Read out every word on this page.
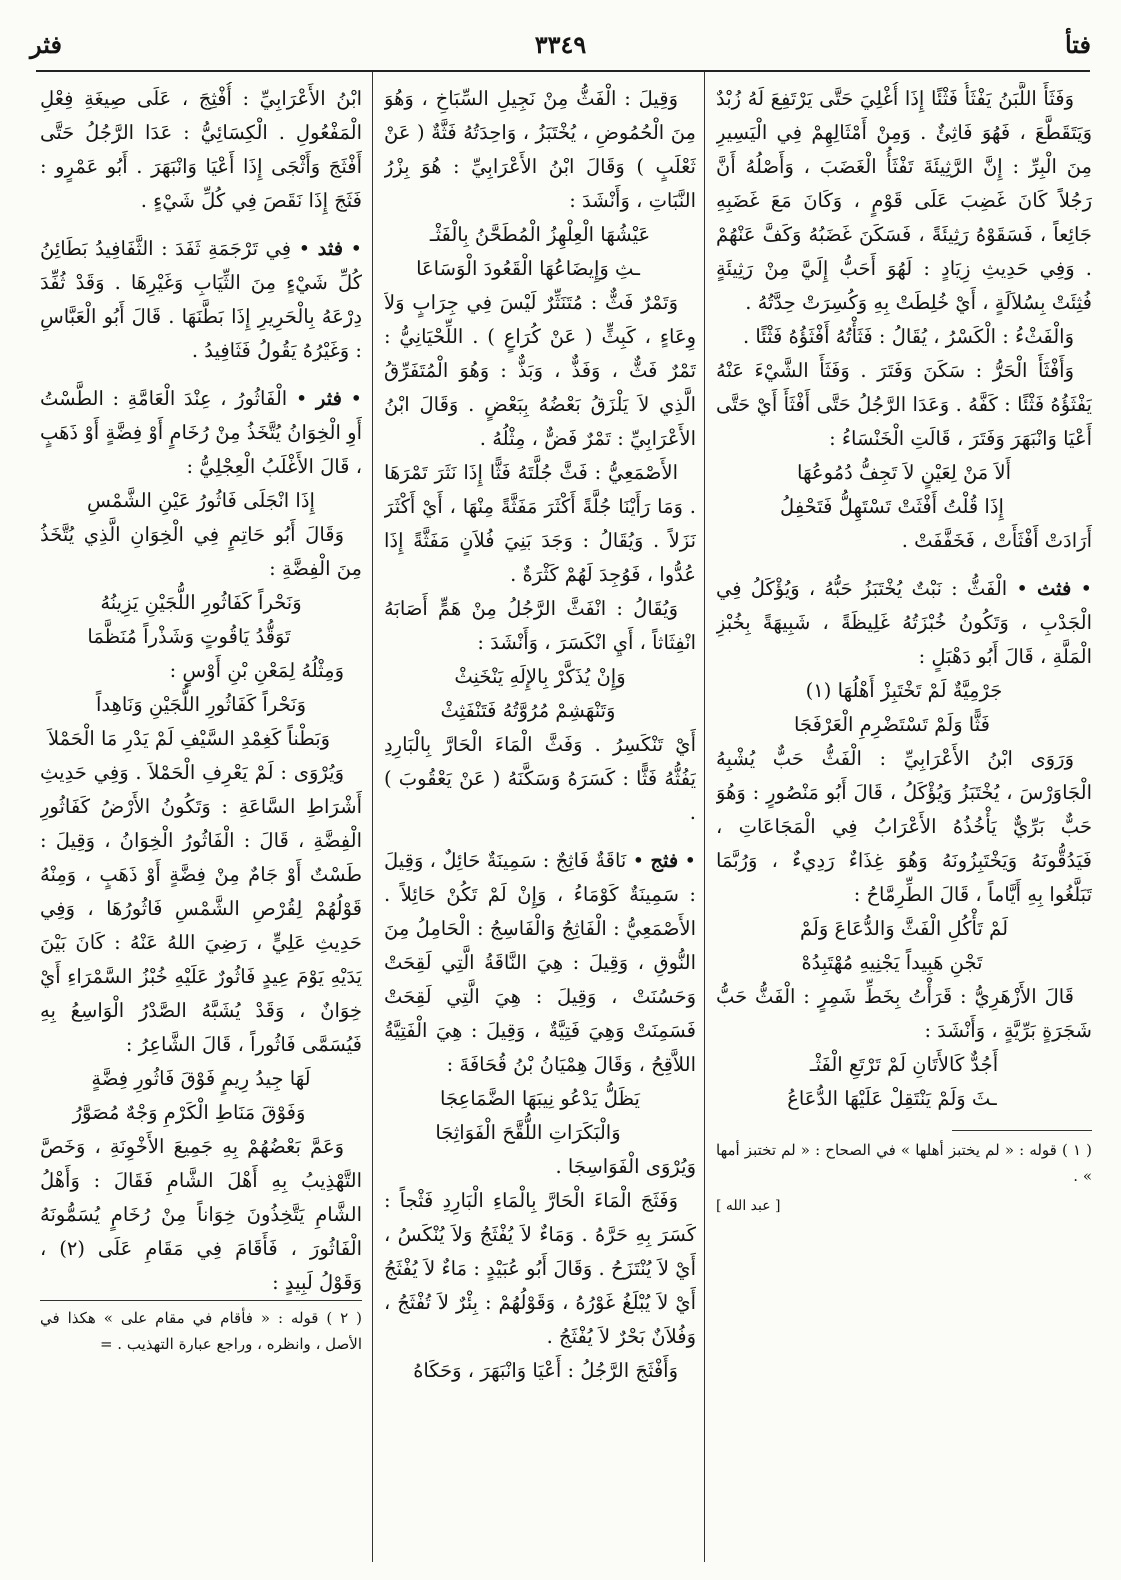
فتأ
٣٣٤٩
فثر

وَفَثَأَ اللَّبَنُ يَفْثَأُ فَثْئًا إِذَا أُغْلِيَ حَتَّى يَرْتَفِعَ لَهُ زُبْدٌ وَيَتَقَطَّعَ ، فَهُوَ فَاثِئٌ . وَمِنْ أَمْثَالِهِمْ فِي الْيَسِيرِ مِنَ الْبِرِّ : إِنَّ الرَّثِيئَةَ تَفْثَأُ الْغَضَبَ ، وَأَصْلُهُ أَنَّ رَجُلاً كَانَ غَضِبَ عَلَى قَوْمٍ ، وَكَانَ مَعَ غَضَبِهِ جَائِعاً ، فَسَقَوْهُ رَثِيئَةً ، فَسَكَنَ غَضَبُهُ وَكَفَّ عَنْهُمْ . وَفِي حَدِيثِ زِيَادٍ : لَهُوَ أَحَبُّ إِلَيَّ مِنْ رَثِيئَةٍ فُثِئَتْ بِسُلاَلَةٍ ، أَيْ خُلِطَتْ بِهِ وَكُسِرَتْ حِدَّتُهُ .

وَالْفَثْءُ : الْكَسْرُ ، يُقَالُ : فَثَأْتُهُ أَفْثَؤُهُ فَثْئًا .

وَأَفْثَأَ الْحَرُّ : سَكَنَ وَفَتَرَ . وَفَثَأَ الشَّيْءَ عَنْهُ يَفْثَؤُهُ فَثْئًا : كَفَّهُ . وَعَدَا الرَّجُلُ حَتَّى أَفْثَأَ أَيْ حَتَّى أَعْيَا وَانْبَهَرَ وَفَتَرَ ، قَالَتِ الْخَنْسَاءُ :

أَلاَ مَنْ لِعَيْنٍ لاَ تَجِفُّ دُمُوعُهَا

إِذَا قُلْتُ أَفْثَتْ تَسْتَهِلُّ فَتَحْفِلُ

أَرَادَتْ أَفْثَأَتْ ، فَخَفَّفَتْ .

• فثث • الْفَثُّ : نَبْتٌ يُخْتَبَزُ حَبُّهُ ، وَيُؤْكَلُ فِي الْجَدْبِ ، وَتَكُونُ خُبْزَتُهُ غَلِيظَةً ، شَبِيهَةً بِخُبْزِ الْمَلَّةِ ، قَالَ أَبُو دَهْبَلٍ :

جَرْمِيَّةٌ لَمْ تَخْتَبِزْ أَهْلُهَا (١)

فَثًّا وَلَمْ تَسْتَضْرِمِ الْعَرْفَجَا

وَرَوَى ابْنُ الأَعْرَابِيِّ : الْفَثُّ حَبٌّ يُشْبِهُ الْجَاوَرْسَ ، يُخْتَبَزُ وَيُؤْكَلُ ، قَالَ أَبُو مَنْصُورٍ : وَهُوَ حَبٌّ بَرِّيٌّ يَأْخُذُهُ الأَعْرَابُ فِي الْمَجَاعَاتِ ، فَيَدُقُّونَهُ وَيَخْتَبِزُونَهُ وَهُوَ غِذَاءٌ رَدِيءٌ ، وَرُبَّمَا تَبَلَّغُوا بِهِ أَيَّاماً ، قَالَ الطِّرِمَّاحُ :

لَمْ تَأْكُلِ الْفَثَّ وَالدُّعَاعَ وَلَمْ

تَجْنِ هَبِيداً يَجْنِيهِ مُهْتَبِدُهْ

قَالَ الأَزْهَرِيُّ : قَرَأْتُ بِخَطِّ شَمِرٍ : الْفَثُّ حَبُّ شَجَرَةٍ بَرِّيَّةٍ ، وَأَنْشَدَ :

أَجُدٌّ كَالأَتَانِ لَمْ تَرْتَعِ الْفَثْـ

ـثَ وَلَمْ يَنْتَقِلْ عَلَيْهَا الدُّعَاعُ

( ١ ) قوله : « لم يختبز أهلها » في الصحاح : « لم تختبز أمها » .

[ عبد الله ]

وَقِيلَ : الْفَثُّ مِنْ نَجِيلِ السِّبَاخِ ، وَهُوَ مِنَ الْحُمُوضِ ، يُخْتَبَزُ ، وَاحِدَتُهُ فَثَّةٌ ( عَنْ ثَعْلَبٍ ) وَقَالَ ابْنُ الأَعْرَابِيِّ : هُوَ بِزْرُ النَّبَاتِ ، وَأَنْشَدَ :

عَيْشُهَا الْعِلْهِزُ الْمُطَحَّنُ بِالْفَثْـ

ـثِ وَإِيضَاعُهَا الْقَعُودَ الْوَسَاعَا

وَتَمْرٌ فَثٌّ : مُتَنَثِّرٌ لَيْسَ فِي جِرَابٍ وَلاَ وِعَاءٍ ، كَبِثٍّ ( عَنْ كُرَاعٍ ) . اللِّحْيَانِيُّ : تَمْرٌ فَثٌّ ، وَفَذٌّ ، وَبَذٌّ : وَهُوَ الْمُتَفَرِّقُ الَّذِي لاَ يَلْزَقُ بَعْضُهُ بِبَعْضٍ . وَقَالَ ابْنُ الأَعْرَابِيِّ : تَمْرٌ فَضٌّ ، مِثْلُهُ .

الأَصْمَعِيُّ : فَثَّ جُلَّتَهُ فَثًّا إِذَا نَثَرَ تَمْرَهَا . وَمَا رَأَيْنَا جُلَّةً أَكْثَرَ مَفَثَّةً مِنْهَا ، أَيْ أَكْثَرَ نَزَلاً . وَيُقَالُ : وَجَدَ بَنِيَ فُلاَنٍ مَفَثَّةً إِذَا عُدُّوا ، فَوُجِدَ لَهُمْ كَثْرَةٌ .

وَيُقَالُ : انْفَثَّ الرَّجُلُ مِنْ هَمٍّ أَصَابَهُ انْفِثَاثاً ، أَيِ انْكَسَرَ ، وَأَنْشَدَ :

وَإِنْ يُذَكَّرْ بِالإِلَهِ يَنْخَنِثْ

وَتَنْهَشِمْ مُرُوَّتُهُ فَتَنْفَثِثْ

أَيْ تَنْكَسِرُ . وَفَثَّ الْمَاءَ الْحَارَّ بِالْبَارِدِ يَفُثُّهُ فَثًّا : كَسَرَهُ وَسَكَّنَهُ ( عَنْ يَعْقُوبَ ) .

• فثج • نَاقَةٌ فَاثِجٌ : سَمِينَةٌ حَائِلٌ ، وَقِيلَ : سَمِينَةٌ كَوْمَاءُ ، وَإِنْ لَمْ تَكُنْ حَائِلاً . الأَصْمَعِيُّ : الْفَاثِجُ وَالْفَاسِجُ : الْحَامِلُ مِنَ النُّوقِ ، وَقِيلَ : هِيَ النَّاقَةُ الَّتِي لَقِحَتْ وَحَسُنَتْ ، وَقِيلَ : هِيَ الَّتِي لَقِحَتْ فَسَمِنَتْ وَهِيَ فَتِيَّةٌ ، وَقِيلَ : هِيَ الْفَتِيَّةُ اللاَّقِحُ ، وَقَالَ هِمْيَانُ بْنُ قُحَافَةَ :

يَظَلُّ يَدْعُو نِيبَهَا الضَّمَاعِجَا

وَالْبَكَرَاتِ اللُّقَّحَ الْفَوَاثِجَا

وَيُرْوَى الْفَوَاسِجَا .

وَفَثَجَ الْمَاءَ الْحَارَّ بِالْمَاءِ الْبَارِدِ فَثْجاً : كَسَرَ بِهِ حَرَّهُ . وَمَاءٌ لاَ يُفْثَجُ وَلاَ يُنْكَسُ ، أَيْ لاَ يُنْتَزَحُ . وَقَالَ أَبُو عُبَيْدٍ : مَاءٌ لاَ يُفْثَجُ أَيْ لاَ يُبْلَغُ غَوْرُهُ ، وَقَوْلُهُمْ : بِئْرٌ لاَ تُفْثَجُ ، وَفُلاَنٌ بَحْرٌ لاَ يُفْثَجُ .

وَأَفْثَجَ الرَّجُلُ : أَعْيَا وَانْبَهَرَ ، وَحَكَاهُ

ابْنُ الأَعْرَابِيِّ : أُفْثِجَ ، عَلَى صِيغَةِ فِعْلِ الْمَفْعُولِ . الْكِسَائِيُّ : عَدَا الرَّجُلُ حَتَّى أَفْثَجَ وَأَثْجَى إِذَا أَعْيَا وَانْبَهَرَ . أَبُو عَمْرٍو : فَثَجَ إِذَا نَقَصَ فِي كُلِّ شَيْءٍ .

• فثد • فِي تَرْجَمَةِ ثَفَدَ : الثَّفَافِيدُ بَطَائِنُ كُلِّ شَيْءٍ مِنَ الثِّيَابِ وَغَيْرِهَا . وَقَدْ ثُفِّدَ دِرْعَهُ بِالْحَرِيرِ إِذَا بَطَّنَهَا . قَالَ أَبُو الْعَبَّاسِ : وَغَيْرُهُ يَقُولُ فَثَافِيدُ .

• فثر • الْفَاثُورُ ، عِنْدَ الْعَامَّةِ : الطَّسْتُ أَوِ الْخِوَانُ يُتَّخَذُ مِنْ رُخَامٍ أَوْ فِضَّةٍ أَوْ ذَهَبٍ ، قَالَ الأَغْلَبُ الْعِجْلِيُّ :

إِذَا انْجَلَى فَاثُورُ عَيْنِ الشَّمْسِ

وَقَالَ أَبُو حَاتِمٍ فِي الْخِوَانِ الَّذِي يُتَّخَذُ مِنَ الْفِضَّةِ :

وَنَحْراً كَفَاثُورِ اللُّجَيْنِ يَزِينُهُ

تَوَقُّدُ يَاقُوتٍ وَشَذْراً مُنَظَّمَا

وَمِثْلُهُ لِمَعْنِ بْنِ أَوْسٍ :

وَنَحْراً كَفَاثُورِ اللُّجَيْنِ وَنَاهِداً

وَبَطْناً كَغِمْدِ السَّيْفِ لَمْ يَدْرِ مَا الْحَمْلاَ

وَيُرْوَى : لَمْ يَعْرِفِ الْحَمْلاَ . وَفِي حَدِيثِ أَشْرَاطِ السَّاعَةِ : وَتَكُونُ الأَرْضُ كَفَاثُورِ الْفِضَّةِ ، قَالَ : الْفَاثُورُ الْخِوَانُ ، وَقِيلَ : طَسْتٌ أَوْ جَامٌ مِنْ فِضَّةٍ أَوْ ذَهَبٍ ، وَمِنْهُ قَوْلُهُمْ لِقُرْصِ الشَّمْسِ فَاثُورُهَا ، وَفِي حَدِيثِ عَلِيٍّ ، رَضِيَ اللهُ عَنْهُ : كَانَ بَيْنَ يَدَيْهِ يَوْمَ عِيدٍ فَاثُورٌ عَلَيْهِ خُبْزُ السَّمْرَاءِ أَيْ خِوَانٌ ، وَقَدْ يُشَبَّهُ الصَّدْرُ الْوَاسِعُ بِهِ فَيُسَمَّى فَاثُوراً ، قَالَ الشَّاعِرُ :

لَهَا جِيدُ رِيمٍ فَوْقَ فَاثُورِ فِضَّةٍ

وَفَوْقَ مَنَاطِ الْكَرْمِ وَجْهٌ مُصَوَّرُ

وَعَمَّ بَعْضُهُمْ بِهِ جَمِيعَ الأَخْوِنَةِ ، وَخَصَّ التَّهْذِيبُ بِهِ أَهْلَ الشَّامِ فَقَالَ : وَأَهْلُ الشَّامِ يَتَّخِذُونَ خِوَاناً مِنْ رُخَامٍ يُسَمُّونَهُ الْفَاثُورَ ، فَأَقَامَ فِي مَقَامِ عَلَى (٢) ، وَقَوْلُ لَبِيدٍ :

( ٢ ) قوله : « فأقام في مقام على » هكذا في الأصل ، وانظره ، وراجع عبارة التهذيب . =
